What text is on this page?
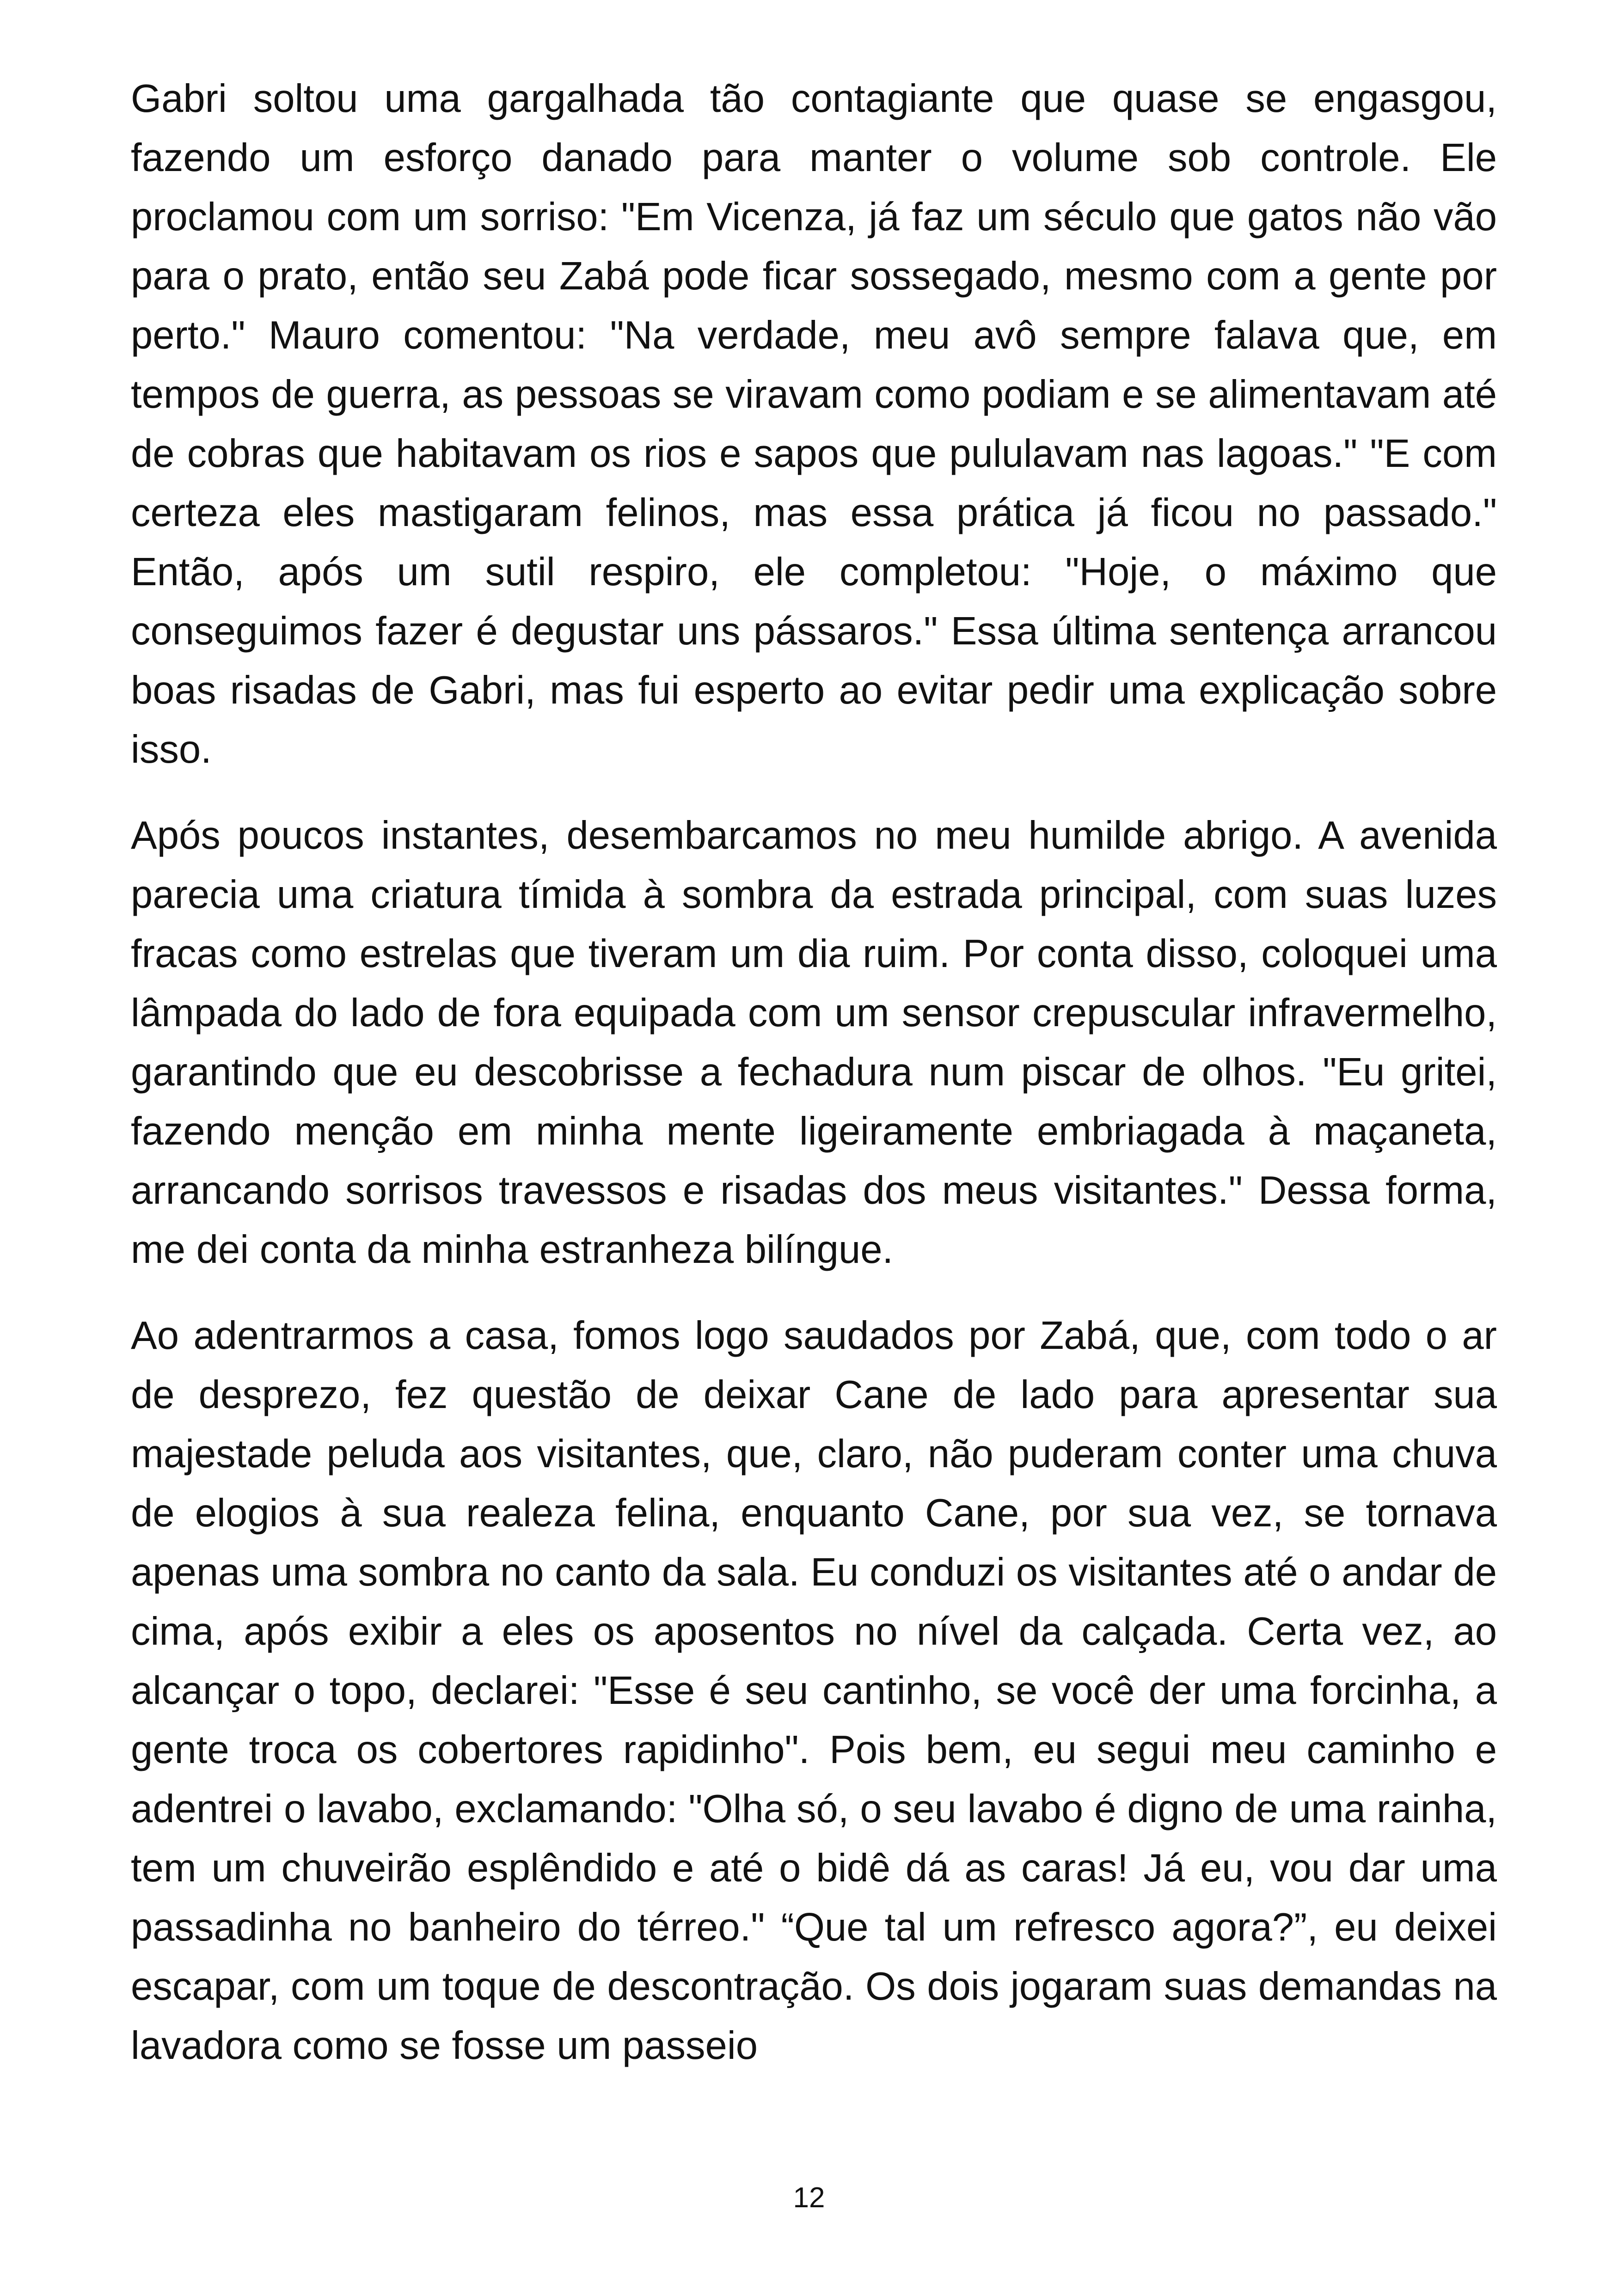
Gabri soltou uma gargalhada tão contagiante que quase se engasgou, fazendo um esforço danado para manter o volume sob controle. Ele proclamou com um sorriso: "Em Vicenza, já faz um século que gatos não vão para o prato, então seu Zabá pode ficar sossegado, mesmo com a gente por perto." Mauro comentou: "Na verdade, meu avô sempre falava que, em tempos de guerra, as pessoas se viravam como podiam e se alimentavam até de cobras que habitavam os rios e sapos que pululavam nas lagoas." "E com certeza eles mastigaram felinos, mas essa prática já ficou no passado." Então, após um sutil respiro, ele completou: "Hoje, o máximo que conseguimos fazer é degustar uns pássaros." Essa última sentença arrancou boas risadas de Gabri, mas fui esperto ao evitar pedir uma explicação sobre isso.

Após poucos instantes, desembarcamos no meu humilde abrigo. A avenida parecia uma criatura tímida à sombra da estrada principal, com suas luzes fracas como estrelas que tiveram um dia ruim. Por conta disso, coloquei uma lâmpada do lado de fora equipada com um sensor crepuscular infravermelho, garantindo que eu descobrisse a fechadura num piscar de olhos. "Eu gritei, fazendo menção em minha mente ligeiramente embriagada à maçaneta, arrancando sorrisos travessos e risadas dos meus visitantes." Dessa forma, me dei conta da minha estranheza bilíngue.

Ao adentrarmos a casa, fomos logo saudados por Zabá, que, com todo o ar de desprezo, fez questão de deixar Cane de lado para apresentar sua majestade peluda aos visitantes, que, claro, não puderam conter uma chuva de elogios à sua realeza felina, enquanto Cane, por sua vez, se tornava apenas uma sombra no canto da sala. Eu conduzi os visitantes até o andar de cima, após exibir a eles os aposentos no nível da calçada. Certa vez, ao alcançar o topo, declarei: "Esse é seu cantinho, se você der uma forcinha, a gente troca os cobertores rapidinho". Pois bem, eu segui meu caminho e adentrei o lavabo, exclamando: "Olha só, o seu lavabo é digno de uma rainha, tem um chuveirão esplêndido e até o bidê dá as caras! Já eu, vou dar uma passadinha no banheiro do térreo." “Que tal um refresco agora?”, eu deixei escapar, com um toque de descontração. Os dois jogaram suas demandas na lavadora como se fosse um passeio

12
